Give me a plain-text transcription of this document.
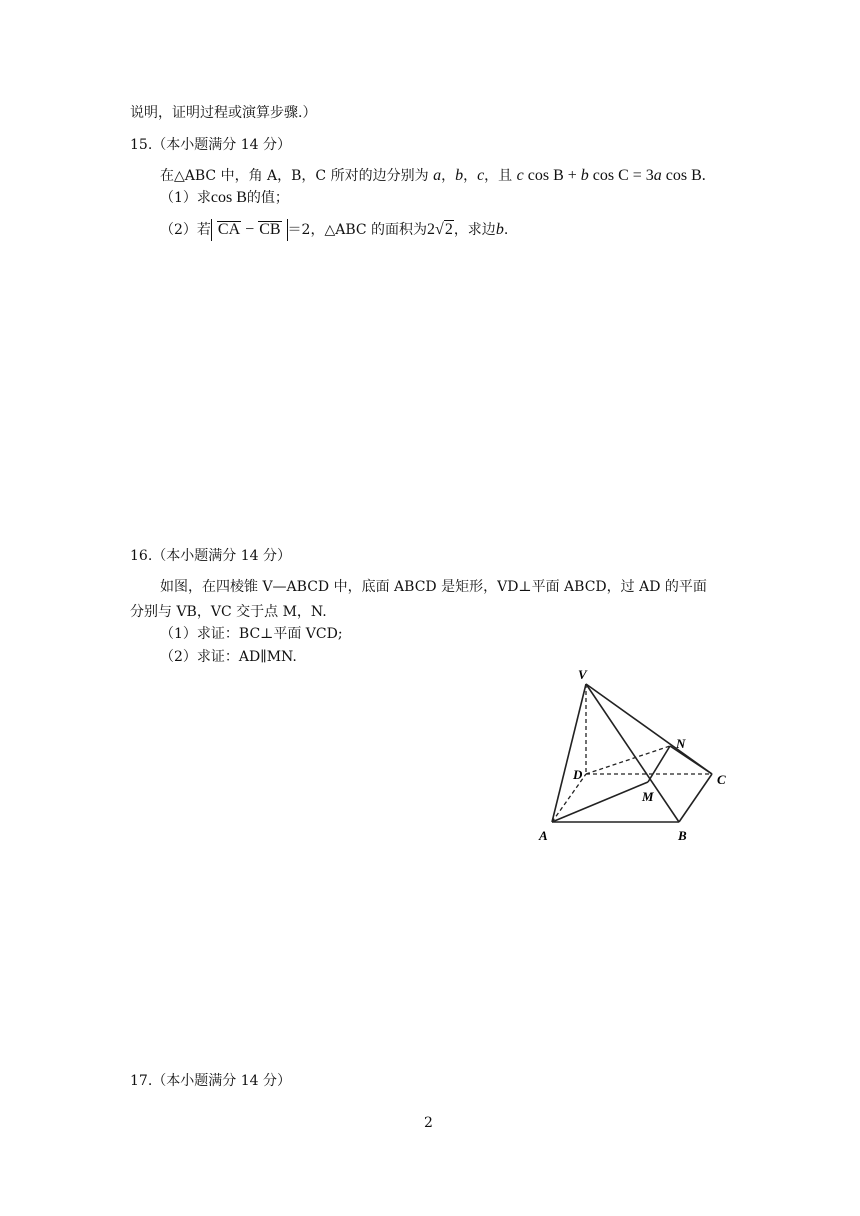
说明，证明过程或演算步骤.）
15.（本小题满分 14 分）
在△ABC 中，角 A，B，C 所对的边分别为 a，b，c，且 c cos B + b cos C = 3a cos B.
（1）求cos B的值；
（2）若 CA − CB ＝2，△ABC 的面积为2√2，求边b.
16.（本小题满分 14 分）
如图，在四棱锥 V—ABCD 中，底面 ABCD 是矩形，VD⊥平面 ABCD，过 AD 的平面
分别与 VB，VC 交于点 M，N.
（1）求证：BC⊥平面 VCD;
（2）求证：AD∥MN.
V
N
D	C
M
A	B
17.（本小题满分 14 分）
2
